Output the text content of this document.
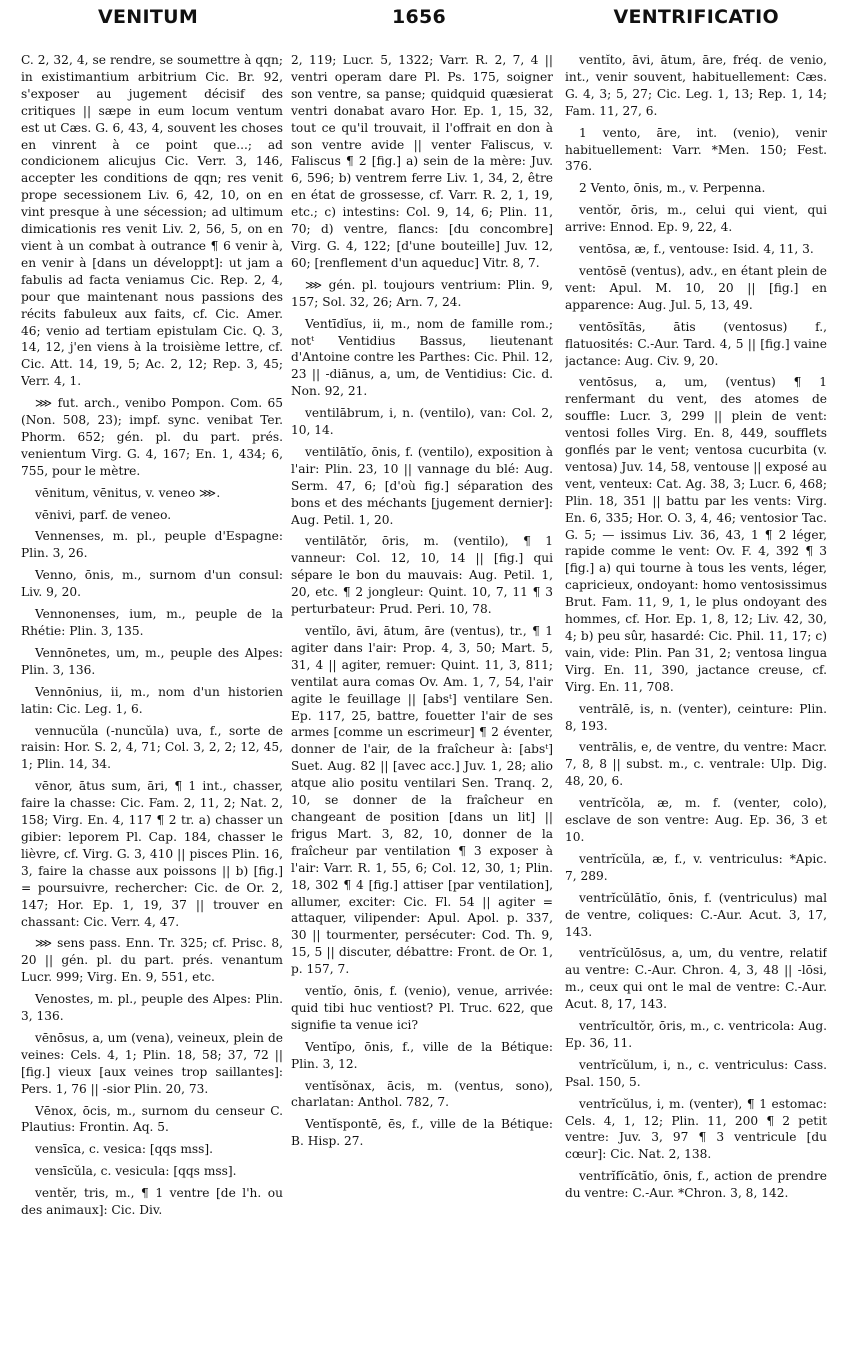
VENITUM	1656	VENTRIFICATIO

C. 2, 32, 4, se rendre, se soumettre à qqn; in existimantium arbitrium Cic. Br. 92, s'exposer au jugement décisif des critiques || sæpe in eum locum ventum est ut Cæs. G. 6, 43, 4, souvent les choses en vinrent à ce point que...; ad condicionem alicujus Cic. Verr. 3, 146, accepter les conditions de qqn; res venit prope secessionem Liv. 6, 42, 10, on en vint presque à une sécession; ad ultimum dimicationis res venit Liv. 2, 56, 5, on en vient à un combat à outrance ¶ 6 venir à, en venir à [dans un développt]: ut jam a fabulis ad facta veniamus Cic. Rep. 2, 4, pour que maintenant nous passions des récits fabuleux aux faits, cf. Cic. Amer. 46; venio ad tertiam epistulam Cic. Q. 3, 14, 12, j'en viens à la troisième lettre, cf. Cic. Att. 14, 19, 5; Ac. 2, 12; Rep. 3, 45; Verr. 4, 1.

⋙ fut. arch., venibo Pompon. Com. 65 (Non. 508, 23); impf. sync. venibat Ter. Phorm. 652; gén. pl. du part. prés. venientum Virg. G. 4, 167; En. 1, 434; 6, 755, pour le mètre.

vēnitum, vēnitus, v. veneo ⋙.

vēnivi, parf. de veneo.

Vennenses, m. pl., peuple d'Espagne: Plin. 3, 26.

Venno, ōnis, m., surnom d'un consul: Liv. 9, 20.

Vennonenses, ium, m., peuple de la Rhétie: Plin. 3, 135.

Vennōnetes, um, m., peuple des Alpes: Plin. 3, 136.

Vennōnius, ii, m., nom d'un historien latin: Cic. Leg. 1, 6.

vennucŭla (-nuncŭla) uva, f., sorte de raisin: Hor. S. 2, 4, 71; Col. 3, 2, 2; 12, 45, 1; Plin. 14, 34.

vēnor, ātus sum, āri, ¶ 1 int., chasser, faire la chasse: Cic. Fam. 2, 11, 2; Nat. 2, 158; Virg. En. 4, 117 ¶ 2 tr. a) chasser un gibier: leporem Pl. Cap. 184, chasser le lièvre, cf. Virg. G. 3, 410 || pisces Plin. 16, 3, faire la chasse aux poissons || b) [fig.] = poursuivre, rechercher: Cic. de Or. 2, 147; Hor. Ep. 1, 19, 37 || trouver en chassant: Cic. Verr. 4, 47.

⋙ sens pass. Enn. Tr. 325; cf. Prisc. 8, 20 || gén. pl. du part. prés. venantum Lucr. 999; Virg. En. 9, 551, etc.

Venostes, m. pl., peuple des Alpes: Plin. 3, 136.

vēnōsus, a, um (vena), veineux, plein de veines: Cels. 4, 1; Plin. 18, 58; 37, 72 || [fig.] vieux [aux veines trop saillantes]: Pers. 1, 76 || -sior Plin. 20, 73.

Vēnox, ōcis, m., surnom du censeur C. Plautius: Frontin. Aq. 5.

vensīca, c. vesica: [qqs mss].

vensīcŭla, c. vesicula: [qqs mss].

ventĕr, tris, m., ¶ 1 ventre [de l'h. ou des animaux]: Cic. Div.

2, 119; Lucr. 5, 1322; Varr. R. 2, 7, 4 || ventri operam dare Pl. Ps. 175, soigner son ventre, sa panse; quidquid quæsierat ventri donabat avaro Hor. Ep. 1, 15, 32, tout ce qu'il trouvait, il l'offrait en don à son ventre avide || venter Faliscus, v. Faliscus ¶ 2 [fig.] a) sein de la mère: Juv. 6, 596; b) ventrem ferre Liv. 1, 34, 2, être en état de grossesse, cf. Varr. R. 2, 1, 19, etc.; c) intestins: Col. 9, 14, 6; Plin. 11, 70; d) ventre, flancs: [du concombre] Virg. G. 4, 122; [d'une bouteille] Juv. 12, 60; [renflement d'un aqueduc] Vitr. 8, 7.

⋙ gén. pl. toujours ventrium: Plin. 9, 157; Sol. 32, 26; Arn. 7, 24.

Ventīdĭus, ii, m., nom de famille rom.; notᵗ Ventidius Bassus, lieutenant d'Antoine contre les Parthes: Cic. Phil. 12, 23 || -diānus, a, um, de Ventidius: Cic. d. Non. 92, 21.

ventilābrum, i, n. (ventilo), van: Col. 2, 10, 14.

ventilātĭo, ōnis, f. (ventilo), exposition à l'air: Plin. 23, 10 || vannage du blé: Aug. Serm. 47, 6; [d'où fig.] séparation des bons et des méchants [jugement dernier]: Aug. Petil. 1, 20.

ventilātŏr, ōris, m. (ventilo), ¶ 1 vanneur: Col. 12, 10, 14 || [fig.] qui sépare le bon du mauvais: Aug. Petil. 1, 20, etc. ¶ 2 jongleur: Quint. 10, 7, 11 ¶ 3 perturbateur: Prud. Peri. 10, 78.

ventĭlo, āvi, ātum, āre (ventus), tr., ¶ 1 agiter dans l'air: Prop. 4, 3, 50; Mart. 5, 31, 4 || agiter, remuer: Quint. 11, 3, 811; ventilat aura comas Ov. Am. 1, 7, 54, l'air agite le feuillage || [absᵗ] ventilare Sen. Ep. 117, 25, battre, fouetter l'air de ses armes [comme un escrimeur] ¶ 2 éventer, donner de l'air, de la fraîcheur à: [absᵗ] Suet. Aug. 82 || [avec acc.] Juv. 1, 28; alio atque alio positu ventilari Sen. Tranq. 2, 10, se donner de la fraîcheur en changeant de position [dans un lit] || frigus Mart. 3, 82, 10, donner de la fraîcheur par ventilation ¶ 3 exposer à l'air: Varr. R. 1, 55, 6; Col. 12, 30, 1; Plin. 18, 302 ¶ 4 [fig.] attiser [par ventilation], allumer, exciter: Cic. Fl. 54 || agiter = attaquer, vilipender: Apul. Apol. p. 337, 30 || tourmenter, persécuter: Cod. Th. 9, 15, 5 || discuter, débattre: Front. de Or. 1, p. 157, 7.

ventĭo, ōnis, f. (venio), venue, arrivée: quid tibi huc ventiost? Pl. Truc. 622, que signifie ta venue ici?

Ventĭpo, ōnis, f., ville de la Bétique: Plin. 3, 12.

ventĭsŏnax, ācis, m. (ventus, sono), charlatan: Anthol. 782, 7.

Ventĭspontē, ēs, f., ville de la Bétique: B. Hisp. 27.

ventĭto, āvi, ātum, āre, fréq. de venio, int., venir souvent, habituellement: Cæs. G. 4, 3; 5, 27; Cic. Leg. 1, 13; Rep. 1, 14; Fam. 11, 27, 6.

1 vento, āre, int. (venio), venir habituellement: Varr. *Men. 150; Fest. 376.

2 Vento, ōnis, m., v. Perpenna.

ventŏr, ōris, m., celui qui vient, qui arrive: Ennod. Ep. 9, 22, 4.

ventōsa, æ, f., ventouse: Isid. 4, 11, 3.

ventōsē (ventus), adv., en étant plein de vent: Apul. M. 10, 20 || [fig.] en apparence: Aug. Jul. 5, 13, 49.

ventōsĭtās, ātis (ventosus) f., flatuosités: C.-Aur. Tard. 4, 5 || [fig.] vaine jactance: Aug. Civ. 9, 20.

ventōsus, a, um, (ventus) ¶ 1 renfermant du vent, des atomes de souffle: Lucr. 3, 299 || plein de vent: ventosi folles Virg. En. 8, 449, soufflets gonflés par le vent; ventosa cucurbita (v. ventosa) Juv. 14, 58, ventouse || exposé au vent, venteux: Cat. Ag. 38, 3; Lucr. 6, 468; Plin. 18, 351 || battu par les vents: Virg. En. 6, 335; Hor. O. 3, 4, 46; ventosior Tac. G. 5; — issimus Liv. 36, 43, 1 ¶ 2 léger, rapide comme le vent: Ov. F. 4, 392 ¶ 3 [fig.] a) qui tourne à tous les vents, léger, capricieux, ondoyant: homo ventosissimus Brut. Fam. 11, 9, 1, le plus ondoyant des hommes, cf. Hor. Ep. 1, 8, 12; Liv. 42, 30, 4; b) peu sûr, hasardé: Cic. Phil. 11, 17; c) vain, vide: Plin. Pan 31, 2; ventosa lingua Virg. En. 11, 390, jactance creuse, cf. Virg. En. 11, 708.

ventrālē, is, n. (venter), ceinture: Plin. 8, 193.

ventrālis, e, de ventre, du ventre: Macr. 7, 8, 8 || subst. m., c. ventrale: Ulp. Dig. 48, 20, 6.

ventrĭcŏla, æ, m. f. (venter, colo), esclave de son ventre: Aug. Ep. 36, 3 et 10.

ventrĭcŭla, æ, f., v. ventriculus: *Apic. 7, 289.

ventrĭcŭlātĭo, ōnis, f. (ventriculus) mal de ventre, coliques: C.-Aur. Acut. 3, 17, 143.

ventrĭcŭlōsus, a, um, du ventre, relatif au ventre: C.-Aur. Chron. 4, 3, 48 || -lōsi, m., ceux qui ont le mal de ventre: C.-Aur. Acut. 8, 17, 143.

ventrĭcultŏr, ōris, m., c. ventricola: Aug. Ep. 36, 11.

ventrĭcŭlum, i, n., c. ventriculus: Cass. Psal. 150, 5.

ventrĭcŭlus, i, m. (venter), ¶ 1 estomac: Cels. 4, 1, 12; Plin. 11, 200 ¶ 2 petit ventre: Juv. 3, 97 ¶ 3 ventricule [du cœur]: Cic. Nat. 2, 138.

ventrĭfĭcātĭo, ōnis, f., action de prendre du ventre: C.-Aur. *Chron. 3, 8, 142.
